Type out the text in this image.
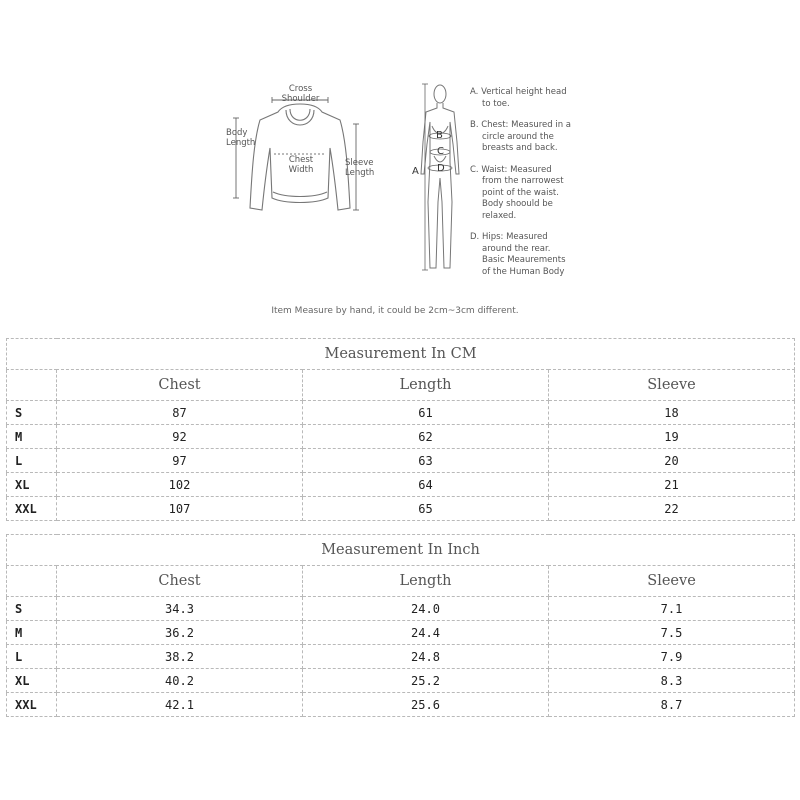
Cross
Shoulder
Body
Length
Chest
Width
Sleeve
Length	A
B
C
D

A. Vertical height head

to toe.

B. Chest: Measured in a

circle around the
breasts and back.

C. Waist: Measured

from the narrowest
point of the waist.
Body shoould be
relaxed.

D. Hips: Measured

around the rear.
Basic Meaurements
of the Human Body

Item Measure by hand, it could be 2cm~3cm different.
Measurement In CM			
	Chest	Length	Sleeve
S	87	61	18
M	92	62	19
L	97	63	20
XL	102	64	21
XXL	107	65	22
Measurement In Inch			
	Chest	Length	Sleeve
S	34.3	24.0	7.1
M	36.2	24.4	7.5
L	38.2	24.8	7.9
XL	40.2	25.2	8.3
XXL	42.1	25.6	8.7
